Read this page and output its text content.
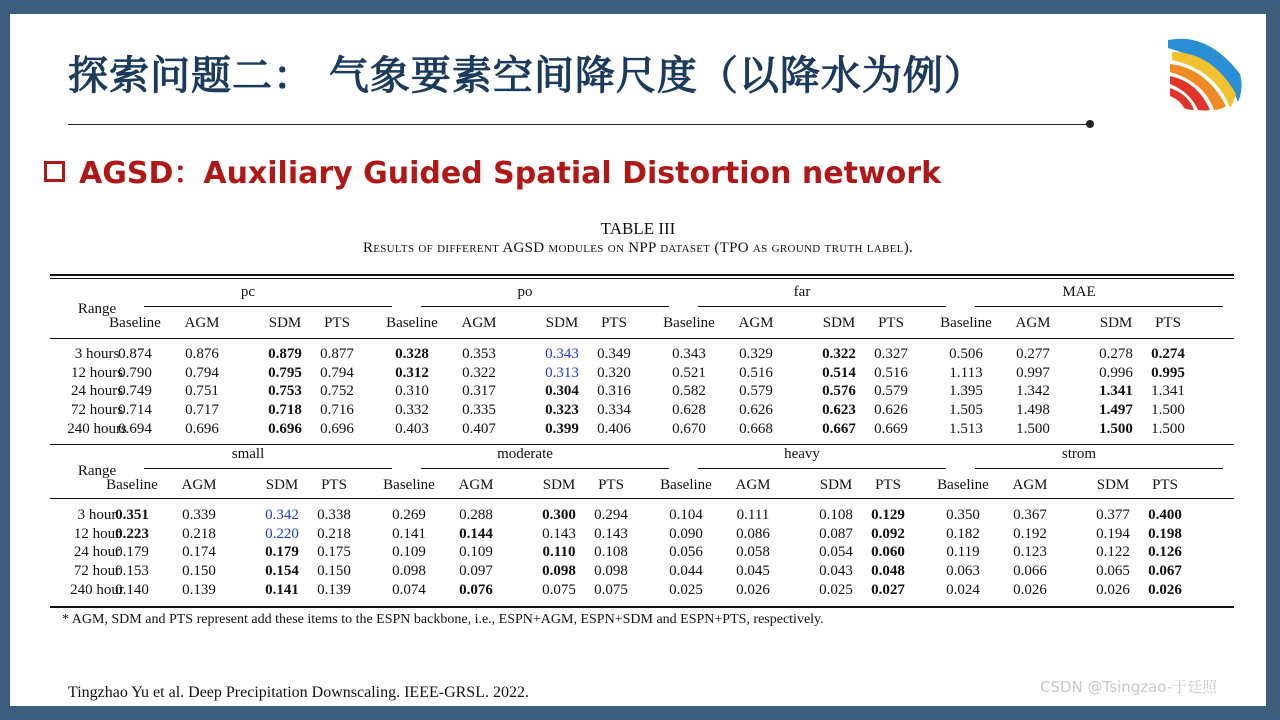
探索问题二： 气象要素空间降尺度（以降水为例）
AGSD：Auxiliary Guided Spatial Distortion network
TABLE III
Results of different AGSD modules on NPP dataset (TPO as ground truth label).
Range
pc
Baseline AGM	SDM PTS
po
Baseline AGM	SDM PTS
far
Baseline AGM	SDM PTS
MAE
Baseline AGM	SDM PTS
3 hours
0.874 0.876	0.879 0.877	0.328 0.353	0.343 0.349	0.343 0.329	0.322 0.327	0.506 0.277	0.278 0.274
12 hours
0.790 0.794	0.795 0.794	0.312 0.322	0.313 0.320	0.521 0.516	0.514 0.516	1.113 0.997	0.996 0.995
24 hours
0.749 0.751	0.753 0.752	0.310 0.317	0.304 0.316	0.582 0.579	0.576 0.579	1.395 1.342	1.341 1.341
72 hours
0.714 0.717	0.718 0.716	0.332 0.335	0.323 0.334	0.628 0.626	0.623 0.626	1.505 1.498	1.497 1.500
240 hours
0.694 0.696	0.696 0.696	0.403 0.407	0.399 0.406	0.670 0.668	0.667 0.669	1.513 1.500	1.500 1.500
Range
small
Baseline AGM	SDM PTS
moderate
Baseline AGM	SDM PTS
heavy
Baseline AGM	SDM PTS
strom
Baseline AGM	SDM PTS
3 hour
0.351 0.339	0.342 0.338	0.269 0.288	0.300 0.294	0.104 0.111	0.108 0.129	0.350 0.367	0.377 0.400
12 hour
0.223 0.218	0.220 0.218	0.141 0.144	0.143 0.143	0.090 0.086	0.087 0.092	0.182 0.192	0.194 0.198
24 hour
0.179 0.174	0.179 0.175	0.109 0.109	0.110 0.108	0.056 0.058	0.054 0.060	0.119 0.123	0.122 0.126
72 hour
0.153 0.150	0.154 0.150	0.098 0.097	0.098 0.098	0.044 0.045	0.043 0.048	0.063 0.066	0.065 0.067
240 hour
0.140 0.139	0.141 0.139	0.074 0.076	0.075 0.075	0.025 0.026	0.025 0.027	0.024 0.026	0.026 0.026
* AGM, SDM and PTS represent add these items to the ESPN backbone, i.e., ESPN+AGM, ESPN+SDM and ESPN+PTS, respectively.
Tingzhao Yu et al. Deep Precipitation Downscaling. IEEE-GRSL. 2022.	CSDN @Tsingzao-于廷照
